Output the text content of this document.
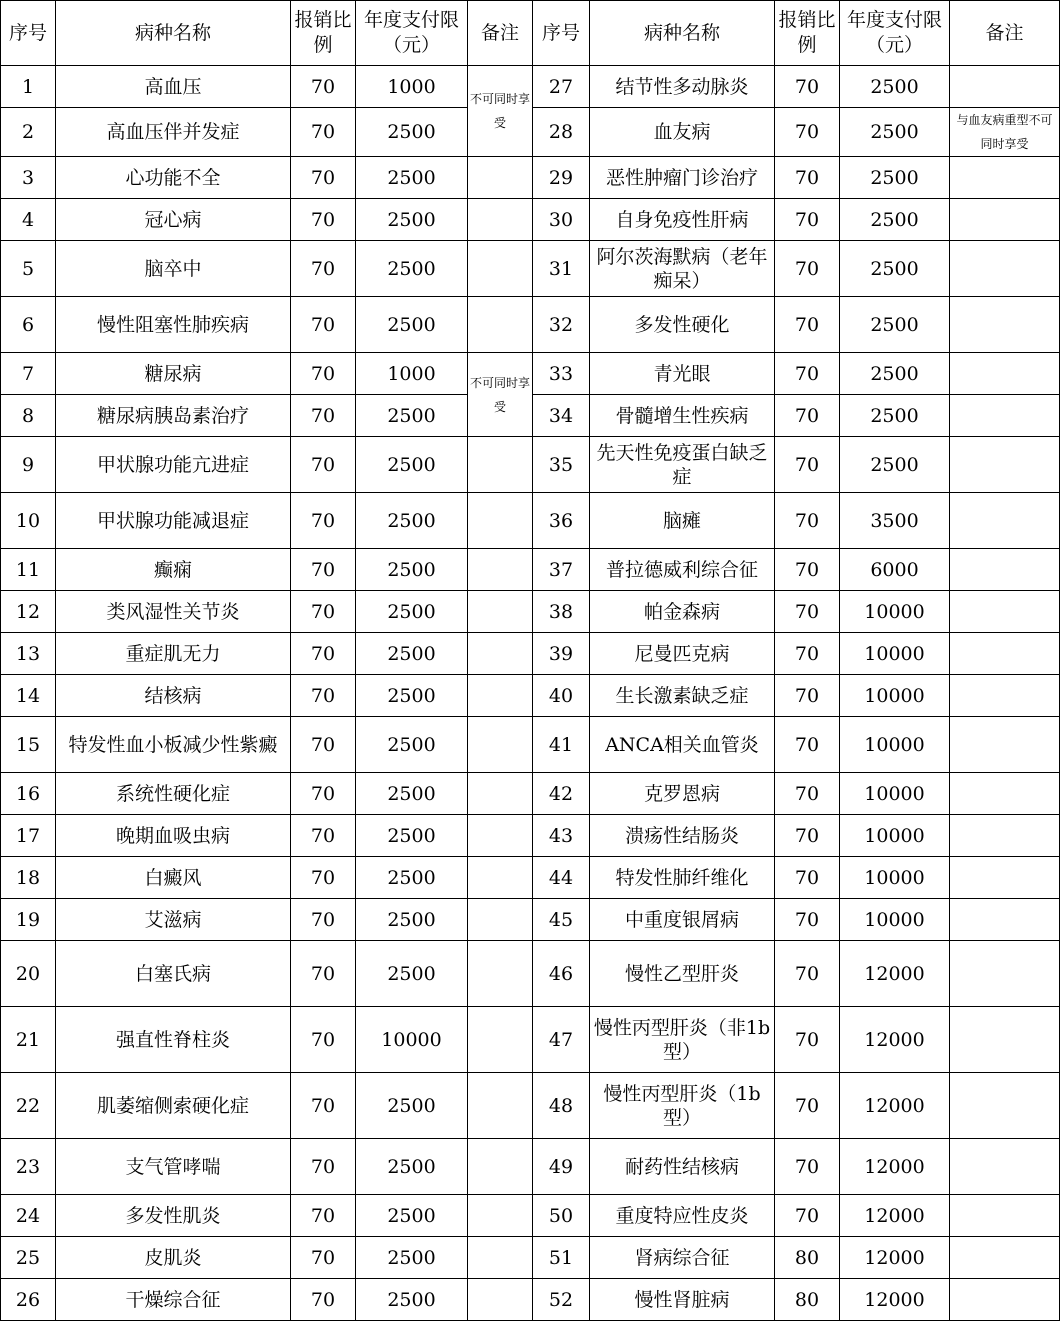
序号	病种名称	报销比例	年度支付限（元）	备注	序号	病种名称	报销比例	年度支付限（元）	备注
1	高血压	70	1000	不可同时享受	27	结节性多动脉炎	70	2500	
2	高血压伴并发症	70	2500		28	血友病	70	2500	与血友病重型不可同时享受
3	心功能不全	70	2500		29	恶性肿瘤门诊治疗	70	2500	
4	冠心病	70	2500		30	自身免疫性肝病	70	2500	
5	脑卒中	70	2500		31	阿尔茨海默病（老年痴呆）	70	2500	
6	慢性阻塞性肺疾病	70	2500		32	多发性硬化	70	2500	
7	糖尿病	70	1000	不可同时享受	33	青光眼	70	2500	
8	糖尿病胰岛素治疗	70	2500		34	骨髓增生性疾病	70	2500	
9	甲状腺功能亢进症	70	2500		35	先天性免疫蛋白缺乏症	70	2500	
10	甲状腺功能减退症	70	2500		36	脑瘫	70	3500	
11	癫痫	70	2500		37	普拉德威利综合征	70	6000	
12	类风湿性关节炎	70	2500		38	帕金森病	70	10000	
13	重症肌无力	70	2500		39	尼曼匹克病	70	10000	
14	结核病	70	2500		40	生长激素缺乏症	70	10000	
15	特发性血小板减少性紫癜	70	2500		41	ANCA相关血管炎	70	10000	
16	系统性硬化症	70	2500		42	克罗恩病	70	10000	
17	晚期血吸虫病	70	2500		43	溃疡性结肠炎	70	10000	
18	白癜风	70	2500		44	特发性肺纤维化	70	10000	
19	艾滋病	70	2500		45	中重度银屑病	70	10000	
20	白塞氏病	70	2500		46	慢性乙型肝炎	70	12000	
21	强直性脊柱炎	70	10000		47	慢性丙型肝炎（非1b型）	70	12000	
22	肌萎缩侧索硬化症	70	2500		48	慢性丙型肝炎（1b型）	70	12000	
23	支气管哮喘	70	2500		49	耐药性结核病	70	12000	
24	多发性肌炎	70	2500		50	重度特应性皮炎	70	12000	
25	皮肌炎	70	2500		51	肾病综合征	80	12000	
26	干燥综合征	70	2500		52	慢性肾脏病	80	12000	
